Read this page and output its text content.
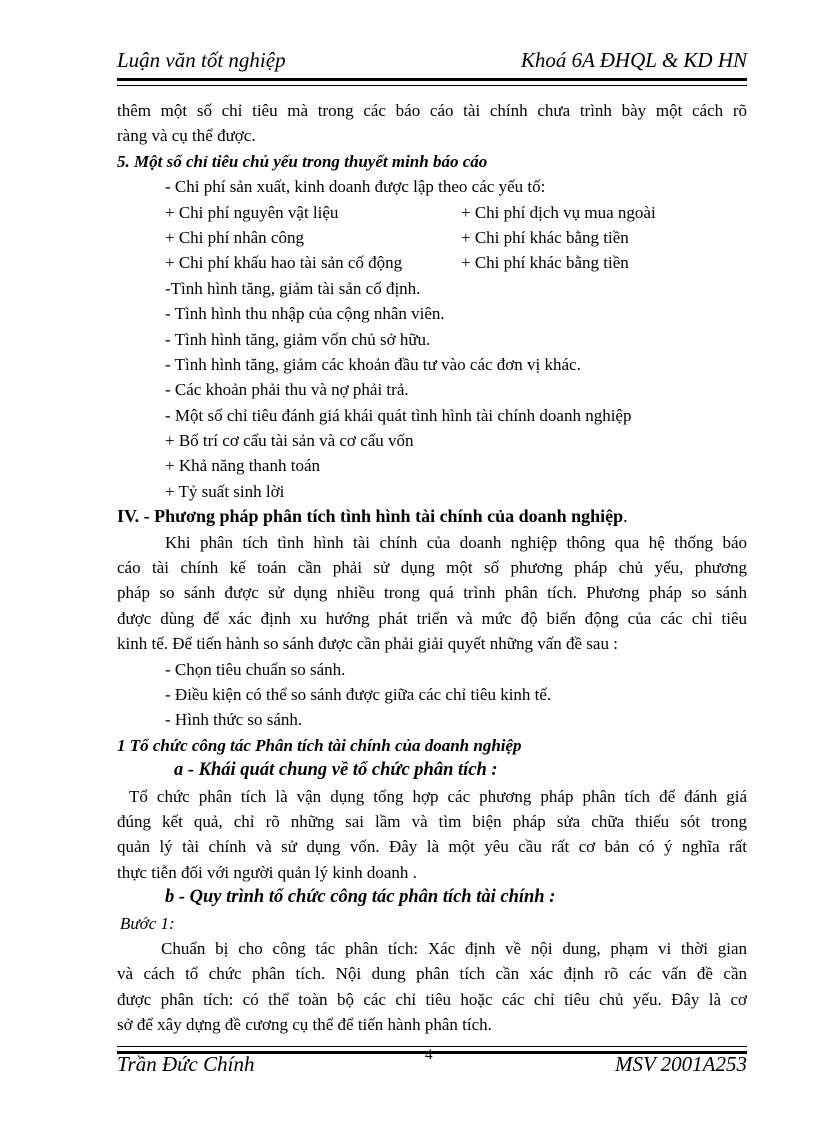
Luận văn tốt nghiệp	Khoá 6A ĐHQL & KD HN
thêm một số chỉ tiêu mà trong các báo cáo tài chính chưa trình bày một cách rõ
ràng và cụ thể được.
5. Một số chỉ tiêu chủ yếu trong thuyết minh báo cáo
- Chi phí sản xuất, kinh doanh được lập theo các yếu tố:
+ Chi phí nguyên vật liệu	+ Chi phí dịch vụ mua ngoài
+ Chi phí nhân công	+ Chi phí khác bằng tiền
+ Chi phí khấu hao tài sản cố động	+ Chi phí khác bằng tiền
-Tình hình tăng, giảm tài sản cố định.
- Tình hình thu nhập của cộng nhân viên.
- Tình hình tăng, giảm vốn chủ sở hữu.
- Tình hình tăng, giảm các khoản đầu tư vào các đơn vị khác.
- Các khoản phải thu và nợ phải trả.
- Một số chỉ tiêu đánh giá khái quát tình hình tài chính doanh nghiệp
+ Bố trí cơ cấu tài sản và cơ cấu vốn
+ Khả năng thanh toán
+ Tỷ suất sinh lời
IV. - Phương pháp phân tích tình hình tài chính của doanh nghiệp.
Khi phân tích tình hình tài chính của doanh nghiệp thông qua hệ thống báo
cáo tài chính kế toán cần phải sử dụng một số phương pháp chủ yếu, phương
pháp so sánh được sử dụng nhiều trong quá trình phân tích. Phương pháp so sánh
được dùng để xác định xu hướng phát triển và mức độ biến động của các chỉ tiêu
kinh tế. Để tiến hành so sánh được cần phải giải quyết những vấn đề sau :
- Chọn tiêu chuẩn so sánh.
- Điều kiện có thể so sánh được giữa các chỉ tiêu kinh tế.
- Hình thức so sánh.
1 Tổ chức công tác Phân tích tài chính của doanh nghiệp
a - Khái quát chung về tổ chức phân tích :
Tổ chức phân tích là vận dụng tổng hợp các phương pháp phân tích để đánh giá
đúng kết quả, chỉ rõ những sai lầm và tìm biện pháp sửa chữa thiếu sót trong
quản lý tài chính và sử dụng vốn. Đây là một yêu cầu rất cơ bản có ý nghĩa rất
thực tiễn đối với người quản lý kinh doanh .
b - Quy trình tổ chức công tác phân tích tài chính :
Bước 1:
Chuẩn bị cho công tác phân tích: Xác định về nội dung, phạm vi thời gian
và cách tổ chức phân tích. Nội dung phân tích cần xác định rõ các vấn đề cần
được phân tích: có thể toàn bộ các chỉ tiêu hoặc các chỉ tiêu chủ yếu. Đây là cơ
sở để xây dựng đề cương cụ thể để tiến hành phân tích.
Trần Đức Chính	4	MSV 2001A253
